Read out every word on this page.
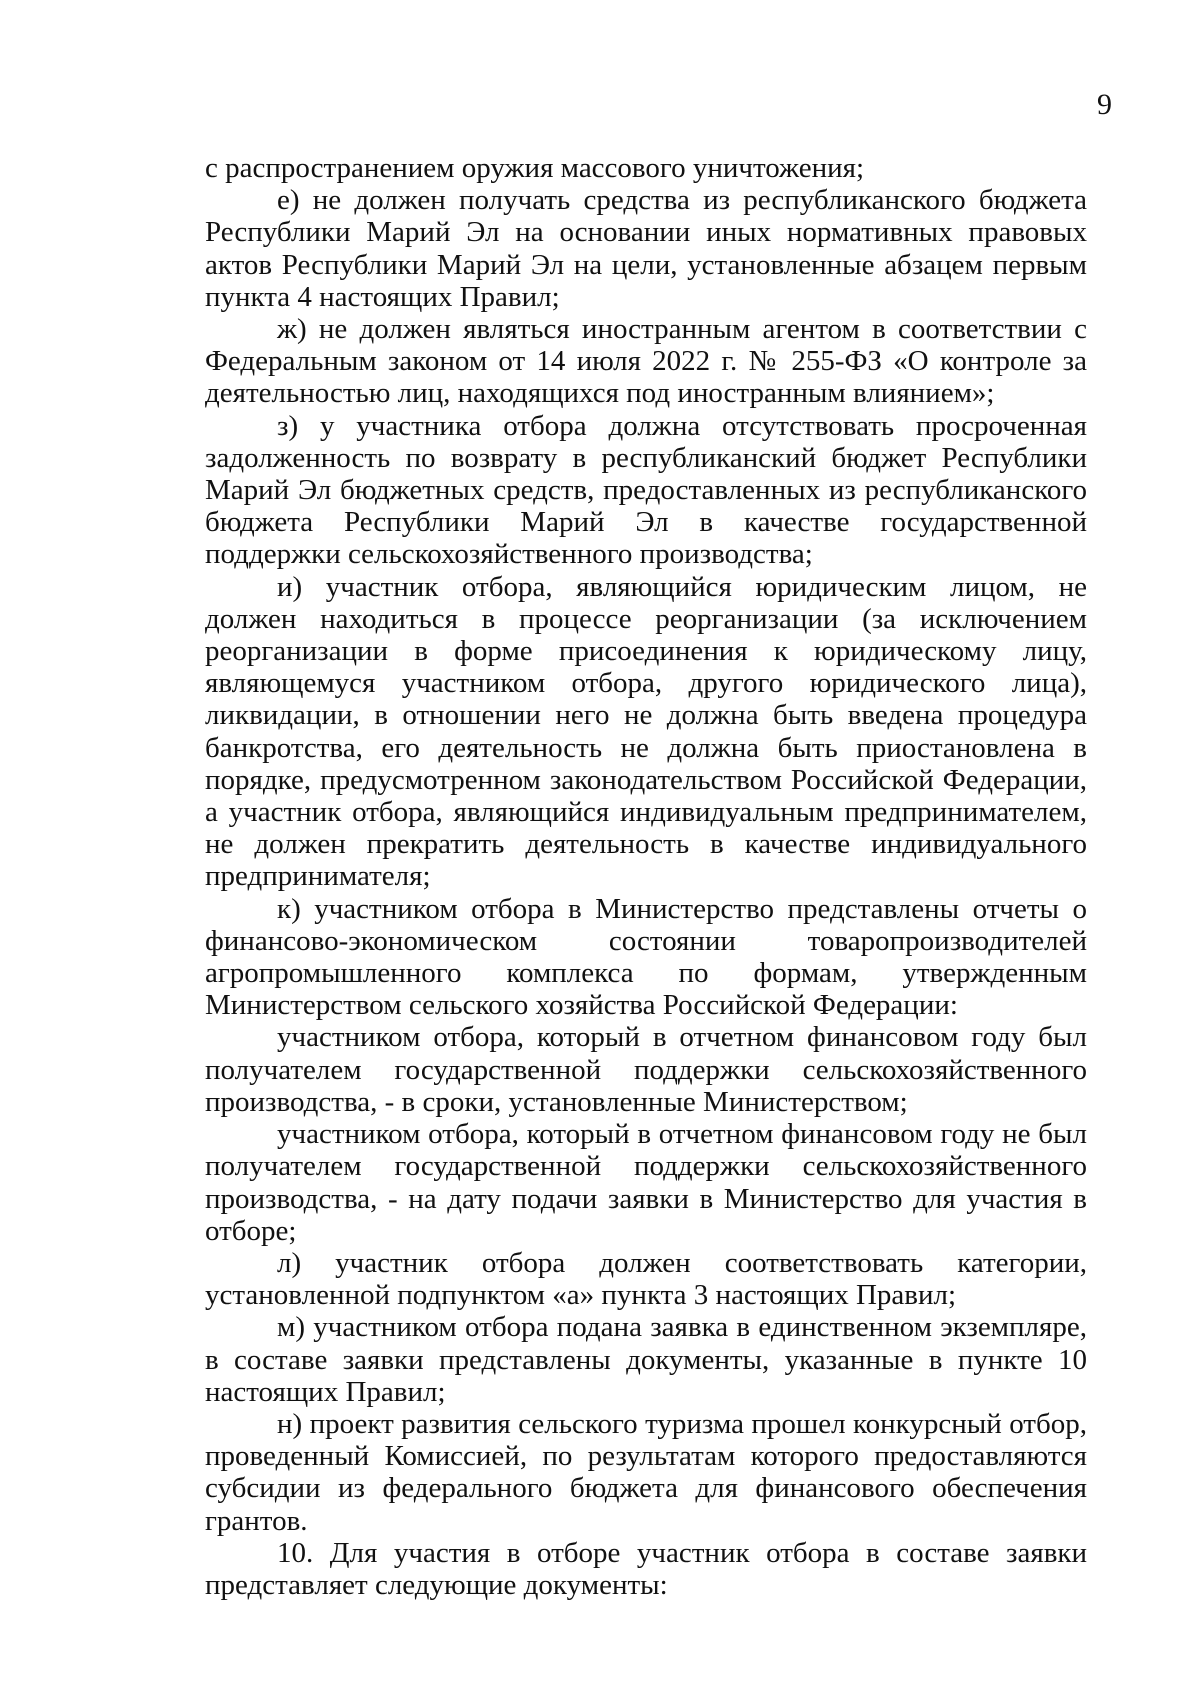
9

с распространением оружия массового уничтожения;

е) не должен получать средства из республиканского бюджета Республики Марий Эл на основании иных нормативных правовых актов Республики Марий Эл на цели, установленные абзацем первым пункта 4 настоящих Правил;

ж) не должен являться иностранным агентом в соответствии с Федеральным законом от 14 июля 2022 г. № 255-ФЗ «О контроле за деятельностью лиц, находящихся под иностранным влиянием»;

з) у участника отбора должна отсутствовать просроченная задолженность по возврату в республиканский бюджет Республики Марий Эл бюджетных средств, предоставленных из республиканского бюджета Республики Марий Эл в качестве государственной поддержки сельскохозяйственного производства;

и) участник отбора, являющийся юридическим лицом, не должен находиться в процессе реорганизации (за исключением реорганизации в форме присоединения к юридическому лицу, являющемуся участником отбора, другого юридического лица), ликвидации, в отношении него не должна быть введена процедура банкротства, его деятельность не должна быть приостановлена в порядке, предусмотренном законодательством Российской Федерации, а участник отбора, являющийся индивидуальным предпринимателем, не должен прекратить деятельность в качестве индивидуального предпринимателя;

к) участником отбора в Министерство представлены отчеты о финансово-экономическом состоянии товаропроизводителей агропромышленного комплекса по формам, утвержденным Министерством сельского хозяйства Российской Федерации:

участником отбора, который в отчетном финансовом году был получателем государственной поддержки сельскохозяйственного производства, - в сроки, установленные Министерством;

участником отбора, который в отчетном финансовом году не был получателем государственной поддержки сельскохозяйственного производства, - на дату подачи заявки в Министерство для участия в отборе;

л) участник отбора должен соответствовать категории, установленной подпунктом «а» пункта 3 настоящих Правил;

м) участником отбора подана заявка в единственном экземпляре, в составе заявки представлены документы, указанные в пункте 10 настоящих Правил;

н) проект развития сельского туризма прошел конкурсный отбор, проведенный Комиссией, по результатам которого предоставляются субсидии из федерального бюджета для финансового обеспечения грантов.

10. Для участия в отборе участник отбора в составе заявки представляет следующие документы:
